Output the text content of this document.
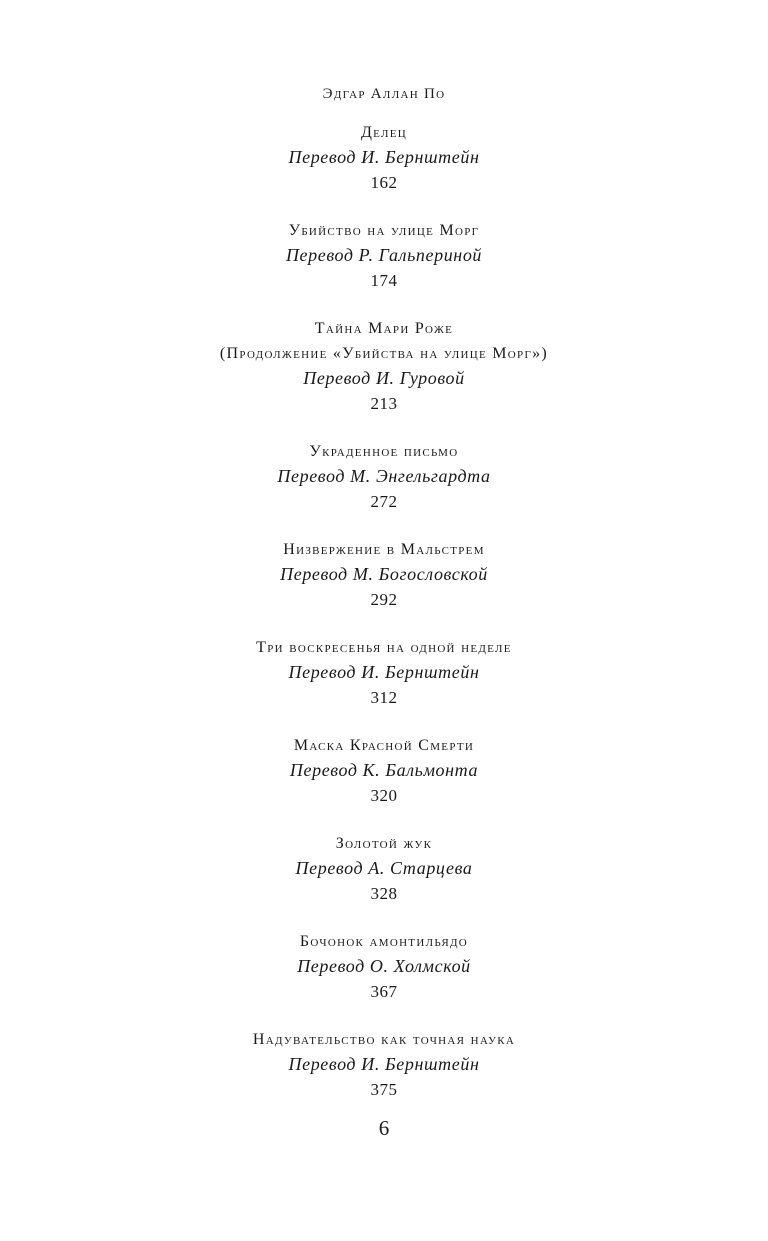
Эдгар Аллан По
Делец
Перевод И. Бернштейн
162
Убийство на улице Морг
Перевод Р. Гальпериной
174
Тайна Мари Роже
(Продолжение «Убийства на улице Морг»)
Перевод И. Гуровой
213
Украденное письмо
Перевод М. Энгельгардта
272
Низвержение в Мальстрем
Перевод М. Богословской
292
Три воскресенья на одной неделе
Перевод И. Бернштейн
312
Маска Красной Смерти
Перевод К. Бальмонта
320
Золотой жук
Перевод А. Старцева
328
Бочонок амонтильядо
Перевод О. Холмской
367
Надувательство как точная наука
Перевод И. Бернштейн
375
6
